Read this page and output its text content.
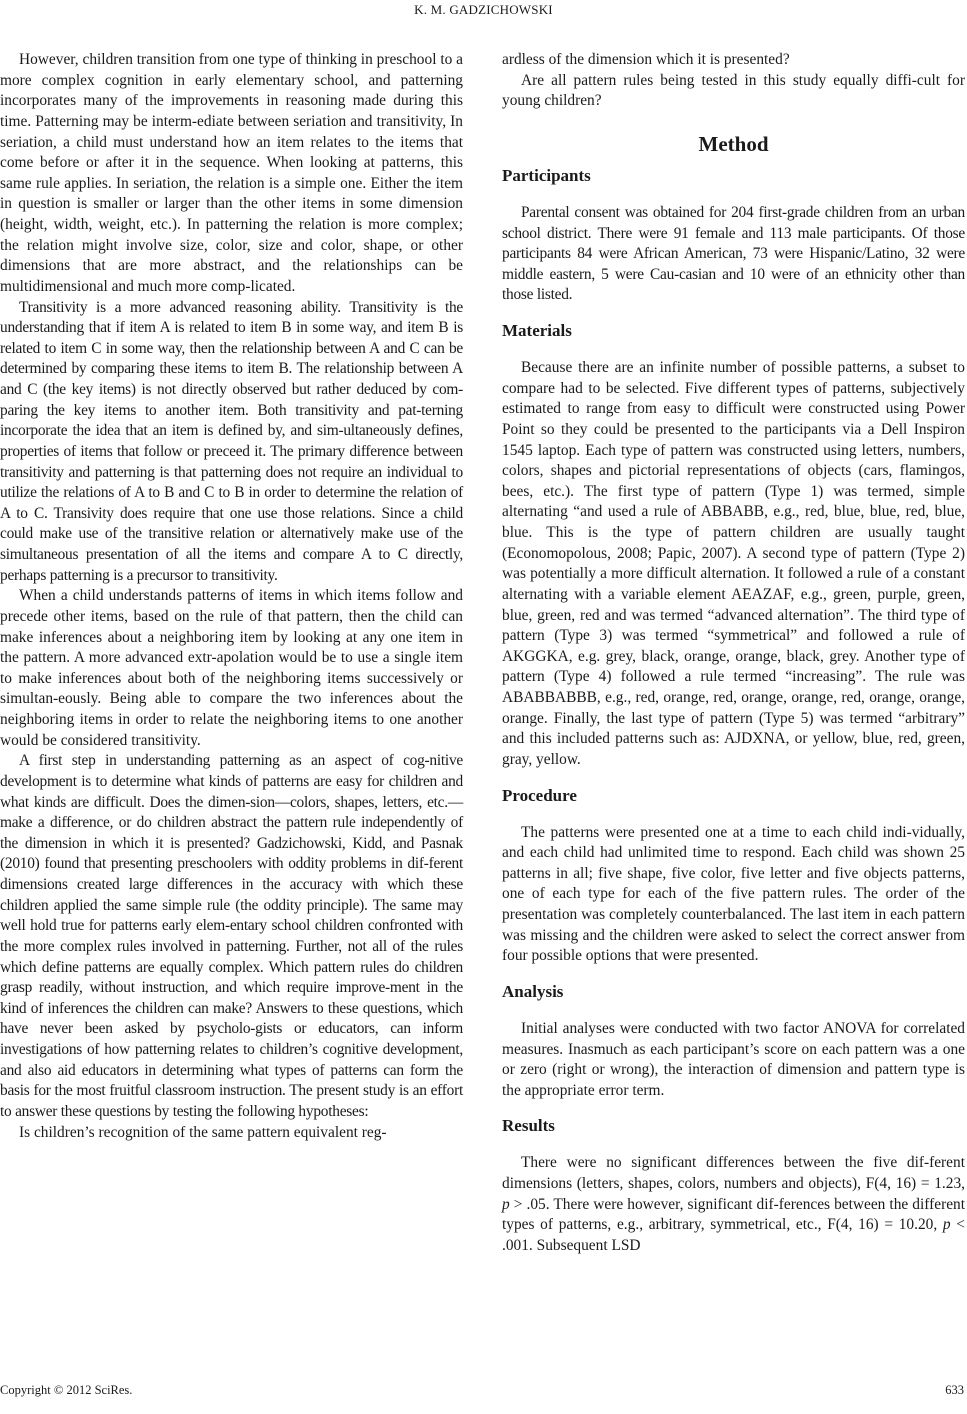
K. M. GADZICHOWSKI

However, children transition from one type of thinking in preschool to a more complex cognition in early elementary school, and patterning incorporates many of the improvements in reasoning made during this time. Patterning may be interm-ediate between seriation and transitivity, In seriation, a child must understand how an item relates to the items that come before or after it in the sequence. When looking at patterns, this same rule applies. In seriation, the relation is a simple one. Either the item in question is smaller or larger than the other items in some dimension (height, width, weight, etc.). In patterning the relation is more complex; the relation might involve size, color, size and color, shape, or other dimensions that are more abstract, and the relationships can be multidimensional and much more comp-licated.

Transitivity is a more advanced reasoning ability. Transitivity is the understanding that if item A is related to item B in some way, and item B is related to item C in some way, then the relationship between A and C can be determined by comparing these items to item B. The relationship between A and C (the key items) is not directly observed but rather deduced by com-paring the key items to another item. Both transitivity and pat-terning incorporate the idea that an item is defined by, and sim-ultaneously defines, properties of items that follow or preceed it. The primary difference between transitivity and patterning is that patterning does not require an individual to utilize the relations of A to B and C to B in order to determine the relation of A to C. Transivity does require that one use those relations. Since a child could make use of the transitive relation or alternatively make use of the simultaneous presentation of all the items and compare A to C directly, perhaps patterning is a precursor to transitivity.

When a child understands patterns of items in which items follow and precede other items, based on the rule of that pattern, then the child can make inferences about a neighboring item by looking at any one item in the pattern. A more advanced extr-apolation would be to use a single item to make inferences about both of the neighboring items successively or simultan-eously. Being able to compare the two inferences about the neighboring items in order to relate the neighboring items to one another would be considered transitivity.

A first step in understanding patterning as an aspect of cog-nitive development is to determine what kinds of patterns are easy for children and what kinds are difficult. Does the dimen-sion—colors, shapes, letters, etc.—make a difference, or do children abstract the pattern rule independently of the dimension in which it is presented? Gadzichowski, Kidd, and Pasnak (2010) found that presenting preschoolers with oddity problems in dif-ferent dimensions created large differences in the accuracy with which these children applied the same simple rule (the oddity principle). The same may well hold true for patterns early elem-entary school children confronted with the more complex rules involved in patterning. Further, not all of the rules which define patterns are equally complex. Which pattern rules do children grasp readily, without instruction, and which require improve-ment in the kind of inferences the children can make? Answers to these questions, which have never been asked by psycholo-gists or educators, can inform investigations of how patterning relates to children’s cognitive development, and also aid educators in determining what types of patterns can form the basis for the most fruitful classroom instruction. The present study is an effort to answer these questions by testing the following hypotheses:

Is children’s recognition of the same pattern equivalent reg-

ardless of the dimension which it is presented?

Are all pattern rules being tested in this study equally diffi-cult for young children?

Method
Participants

Parental consent was obtained for 204 first-grade children from an urban school district. There were 91 female and 113 male participants. Of those participants 84 were African American, 73 were Hispanic/Latino, 32 were middle eastern, 5 were Cau-casian and 10 were of an ethnicity other than those listed.

Materials

Because there are an infinite number of possible patterns, a subset to compare had to be selected. Five different types of patterns, subjectively estimated to range from easy to difficult were constructed using Power Point so they could be presented to the participants via a Dell Inspiron 1545 laptop. Each type of pattern was constructed using letters, numbers, colors, shapes and pictorial representations of objects (cars, flamingos, bees, etc.). The first type of pattern (Type 1) was termed, simple alternating “and used a rule of ABBABB, e.g., red, blue, blue, red, blue, blue. This is the type of pattern children are usually taught (Economopolous, 2008; Papic, 2007). A second type of pattern (Type 2) was potentially a more difficult alternation. It followed a rule of a constant alternating with a variable element AEAZAF, e.g., green, purple, green, blue, green, red and was termed “advanced alternation”. The third type of pattern (Type 3) was termed “symmetrical” and followed a rule of AKGGKA, e.g. grey, black, orange, orange, black, grey. Another type of pattern (Type 4) followed a rule termed “increasing”. The rule was ABABBABBB, e.g., red, orange, red, orange, orange, red, orange, orange, orange. Finally, the last type of pattern (Type 5) was termed “arbitrary” and this included patterns such as: AJDXNA, or yellow, blue, red, green, gray, yellow.

Procedure

The patterns were presented one at a time to each child indi-vidually, and each child had unlimited time to respond. Each child was shown 25 patterns in all; five shape, five color, five letter and five objects patterns, one of each type for each of the five pattern rules. The order of the presentation was completely counterbalanced. The last item in each pattern was missing and the children were asked to select the correct answer from four possible options that were presented.

Analysis

Initial analyses were conducted with two factor ANOVA for correlated measures. Inasmuch as each participant’s score on each pattern was a one or zero (right or wrong), the interaction of dimension and pattern type is the appropriate error term.

Results

There were no significant differences between the five dif-ferent dimensions (letters, shapes, colors, numbers and objects), F(4, 16) = 1.23, p > .05. There were however, significant dif-ferences between the different types of patterns, e.g., arbitrary, symmetrical, etc., F(4, 16) = 10.20, p < .001. Subsequent LSD

Copyright © 2012 SciRes.	633
